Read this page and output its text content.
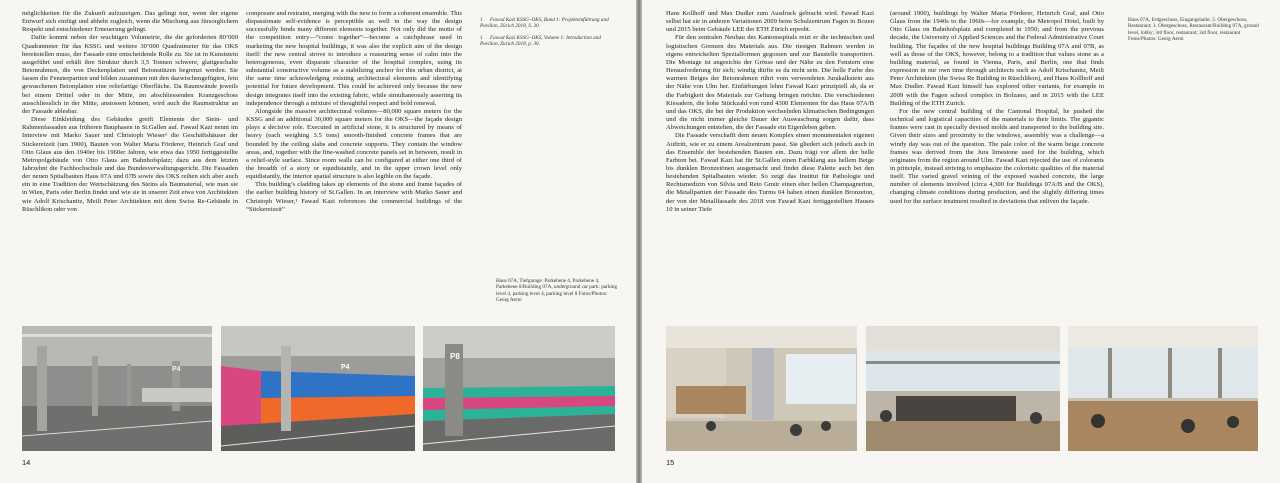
möglichkeiten für die Zukunft aufzuzeigen. Das gelingt nur, wenn der eigene Entwurf sich einfügt und abhebt zugleich, wenn die Mischung aus fürsorglichem Respekt und entschiedener Erneuerung gelingt.

Dafür kommt neben der wuchtigen Volumetrie, die die geforderten 80’000 Quadratmeter für das KSSG und weitere 30’000 Quadratmeter für das OKS bereitstellen muss, der Fassade eine entscheidende Rolle zu. Sie ist in Kunststein ausgeführt und erhält ihre Struktur durch 3,5 Tonnen schwere, glattgeschalte Betonrahmen, die von Deckenplatten und Betonstützen begrenzt werden. Sie fassen die Fensterpartien und bilden zusammen mit den dazwischengefügten, fein gewaschenen Betonplatten eine reliefartige Oberfläche. Da Raumwände jeweils bei einem Drittel oder in der Mitte, im abschliessenden Kranzgeschoss ausschliesslich in der Mitte, anstossen können, wird auch die Raumstruktur an der Fassade ablesbar.

Diese Einkleidung des Gebäudes greift Elemente der Stein- und Rahmenfassaden aus früheren Bauphasen in St.Gallen auf. Fawad Kazi nennt im Interview mit Marko Sauer und Christoph Wieser¹ die Geschäftshäuser der Stickereizeit (um 1900), Bauten von Walter Maria Förderer, Heinrich Graf und Otto Glaus aus den 1940er bis 1960er Jahren, wie etwa das 1950 fertiggestellte Metropolgebäude von Otto Glaus am Bahnhofsplatz; dazu aus dem letzten Jahrzehnt die Fachhochschule und das Bundesverwaltungsgericht. Die Fassaden der neuen Spitalbauten Haus 07A und 07B sowie des OKS reihen sich aber auch ein in eine Tradition der Wertschätzung des Steins als Baumaterial, wie man sie in Wien, Paris oder Berlin findet und wie sie in unserer Zeit etwa von Architekten wie Adolf Krischanitz, Meili Peter Architekten mit dem Swiss Re-Gebäude in Rüschlikon oder von

composure and restraint, merging with the new to form a coherent ensemble. This dispassionate self-evidence is perceptible as well in the way the design successfully binds many different elements together. Not only did the motto of the competition entry—“come together”—become a catchphrase used in marketing the new hospital buildings, it was also the explicit aim of the design itself: the new central strove to introduce a reassuring sense of calm into the heterogeneous, even disparate character of the hospital complex, using its substantial constructive volume as a stabilizing anchor for this urban district, at the same time acknowledging existing architectural elements and identifying potential for future development. This could be achieved only because the new design integrates itself into the existing fabric, while simultaneously asserting its independence through a mixture of thoughtful respect and bold renewal.

Alongside the massive architectural volumes—80,000 square meters for the KSSG and an additional 30,000 square meters for the OKS—the façade design plays a decisive role. Executed in artificial stone, it is structured by means of heavy (each weighing 3.5 tons) smooth-finished concrete frames that are bounded by the ceiling slabs and concrete supports. They contain the window areas, and, together with the fine-washed concrete panels set in between, result in a relief-style surface. Since room walls can be configured at either one third of the breadth of a story or equidistantly, and in the upper crown level only equidistantly, the interior spatial structure is also legible on the façade.

This building’s cladding takes up elements of the stone and frame façades of the earlier building history of St.Gallen. In an interview with Marko Sauer and Christoph Wieser,¹ Fawad Kazi references the commercial buildings of the “Stickereizeit”

1 Fawad Kazi KSSG–OKS, Band 1: Projekteinführung und Pavillon, Zürich 2018, S. 30.

1 Fawad Kazi KSSG–OKS, Volume 1: Introduction and Pavilion, Zurich 2018, p. 30.

Haus 07A, Tiefgarage: Parkebene 4, Parkebene 4, Parkebene 8/Building 07A, underground car park: parking level 4, parking level 4, parking level 8 Fotos/Photos: Georg Aerni
P4	P4
P8
14

Hans Kollhoff und Max Dudler zum Ausdruck gebracht wird. Fawad Kazi selbst hat sie in anderen Variationen 2009 beim Schulzentrum Fagen in Bozen und 2015 beim Gebäude LEE der ETH Zürich erprobt.

Für den zentralen Neubau des Kantonsspitals reizt er die technischen und logistischen Grenzen des Materials aus. Die riesigen Rahmen werden in eigens entwickelten Spezialformen gegossen und zur Baustelle transportiert. Die Montage ist angesichts der Grösse und der Nähe zu den Fenstern eine Herausforderung für sich; windig dürfte es da nicht sein. Die helle Farbe des warmen Beiges der Betonrahmen rührt vom verwendeten Jurakalkstein aus der Nähe von Ulm her. Einfärbungen lehnt Fawad Kazi prinzipiell ab, da er die Farbigkeit des Materials zur Geltung bringen möchte. Die verschiedenen Kiesadern, die hohe Stückzahl von rund 4300 Elementen für das Haus 07A/B und das OKS, die bei der Produktion wechselnden klimatischen Bedingungen und die nicht immer gleiche Dauer der Auswaschung sorgen dafür, dass Abweichungen entstehen, die der Fassade ein Eigenleben geben.

Die Fassade verschafft dem neuen Komplex einen monumentalen eigenen Auftritt, wie er zu einem Arealzentrum passt. Sie gliedert sich jedoch auch in das Ensemble der bestehenden Bauten ein. Dazu trägt vor allem der helle Farbton bei. Fawad Kazi hat für St.Gallen einen Farbklang aus hellem Beige bis dunklen Bronzetönen ausgemacht und findet diese Palette auch bei den bestehenden Spitalbauten wieder. So zeigt das Institut für Pathologie und Rechtsmedizin von Silvia und Reto Gmür einen eher hellen Champagnerton, die Metallpartien der Fassade des Turms 04 haben einen dunklen Bronzeton, der von der Metallfassade des 2018 von Fawad Kazi fertiggestellten Hauses 10 in seiner Tiefe

(around 1900), buildings by Walter Maria Förderer, Heinrich Graf, and Otto Glaus from the 1940s to the 1960s—for example, the Metropol Hotel, built by Otto Glaus on Bahnhofsplatz and completed in 1950; and from the previous decade, the University of Applied Sciences and the Federal Administrative Court building. The façades of the new hospital buildings Building 07A and 07B, as well as those of the OKS, however, belong to a tradition that values stone as a building material, as found in Vienna, Paris, and Berlin, one that finds expression in our own time through architects such as Adolf Krischanitz, Meili Peter Architekten (the Swiss Re Building in Rüschlikon), and Hans Kollhoff and Max Dudler. Fawad Kazi himself has explored other variants, for example in 2009 with the Fagen school complex in Bolzano, and in 2015 with the LEE Building of the ETH Zurich.

For the new central building of the Cantonal Hospital, he pushed the technical and logistical capacities of the materials to their limits. The gigantic frames were cast in specially devised molds and transported to the building site. Given their sizes and proximity to the windows, assembly was a challenge—a windy day was out of the question. The pale color of the warm beige concrete frames was derived from the Jura limestone used for the building, which originates from the region around Ulm. Fawad Kazi rejected the use of colorants in principle, instead striving to emphasize the coloristic qualities of the material itself. The varied gravel veining of the exposed washed concrete, the large number of elements involved (circa 4,300 for Buildings 07A/B and the OKS), changing climate conditions during production, and the slightly differing times used for the surface treatment resulted in deviations that enliven the façade.

Haus 07A, Erdgeschoss, Eingangshalle; 3. Obergeschoss, Restaurant; 3. Obergeschoss, Restaurant/Building 07A, ground level, lobby; 3rd floor, restaurant; 3rd floor, restaurant Fotos/Photos: Georg Aerni
15
